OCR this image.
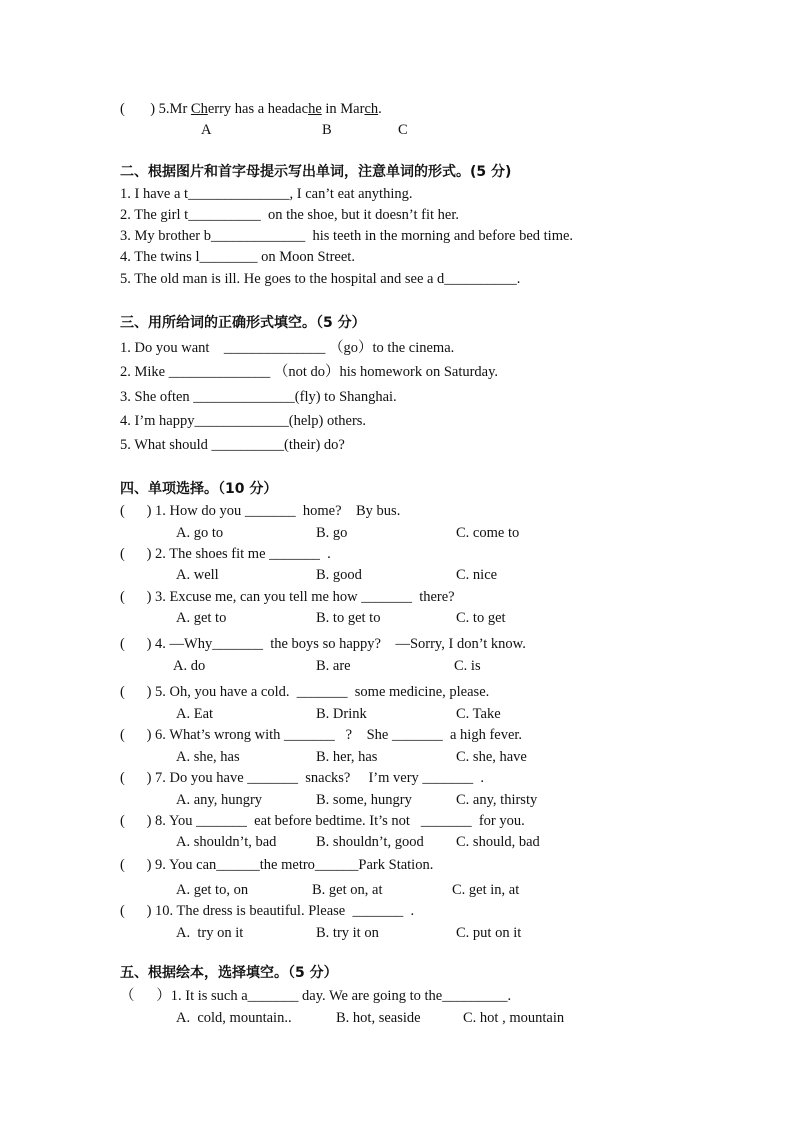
(       ) 5.Mr Cherry has a headache in March.
A	B	C
二、根据图片和首字母提示写出单词，注意单词的形式。(5 分)
1. I have a t______________, I can’t eat anything.
2. The girl t__________  on the shoe, but it doesn’t fit her.
3. My brother b_____________  his teeth in the morning and before bed time.
4. The twins l________ on Moon Street.
5. The old man is ill. He goes to the hospital and see a d__________.
三、用所给词的正确形式填空。（5 分）
1. Do you want    ______________ （go）to the cinema.
2. Mike ______________ （not do）his homework on Saturday.
3. She often ______________(fly) to Shanghai.
4. I’m happy_____________(help) others.
5. What should __________(their) do?
四、单项选择。（10 分）
(      ) 1. How do you _______  home?    By bus.
A. go to	B. go	C. come to
(      ) 2. The shoes fit me _______  .
A. well	B. good	C. nice
(      ) 3. Excuse me, can you tell me how _______  there?
A. get to	B. to get to	C. to get
(      ) 4. —Why_______  the boys so happy?    —Sorry, I don’t know.
A. do	B. are	C. is
(      ) 5. Oh, you have a cold.  _______  some medicine, please.
A. Eat	B. Drink	C. Take
(      ) 6. What’s wrong with _______   ?    She _______  a high fever.
A. she, has	B. her, has	C. she, have
(      ) 7. Do you have _______  snacks?     I’m very _______  .
A. any, hungry	B. some, hungry	C. any, thirsty
(      ) 8. You _______  eat before bedtime. It’s not   _______  for you.
A. shouldn’t, bad	B. shouldn’t, good C. should, bad
(      ) 9. You can______the metro______Park Station.
A. get to, on	B. get on, at	C. get in, at
(      ) 10. The dress is beautiful. Please  _______  .
A.  try on it	B. try it on	C. put on it
五、根据绘本，选择填空。（5 分）
（      ）1. It is such a_______ day. We are going to the_________.
A.  cold, mountain..	B. hot, seaside	C. hot , mountain
